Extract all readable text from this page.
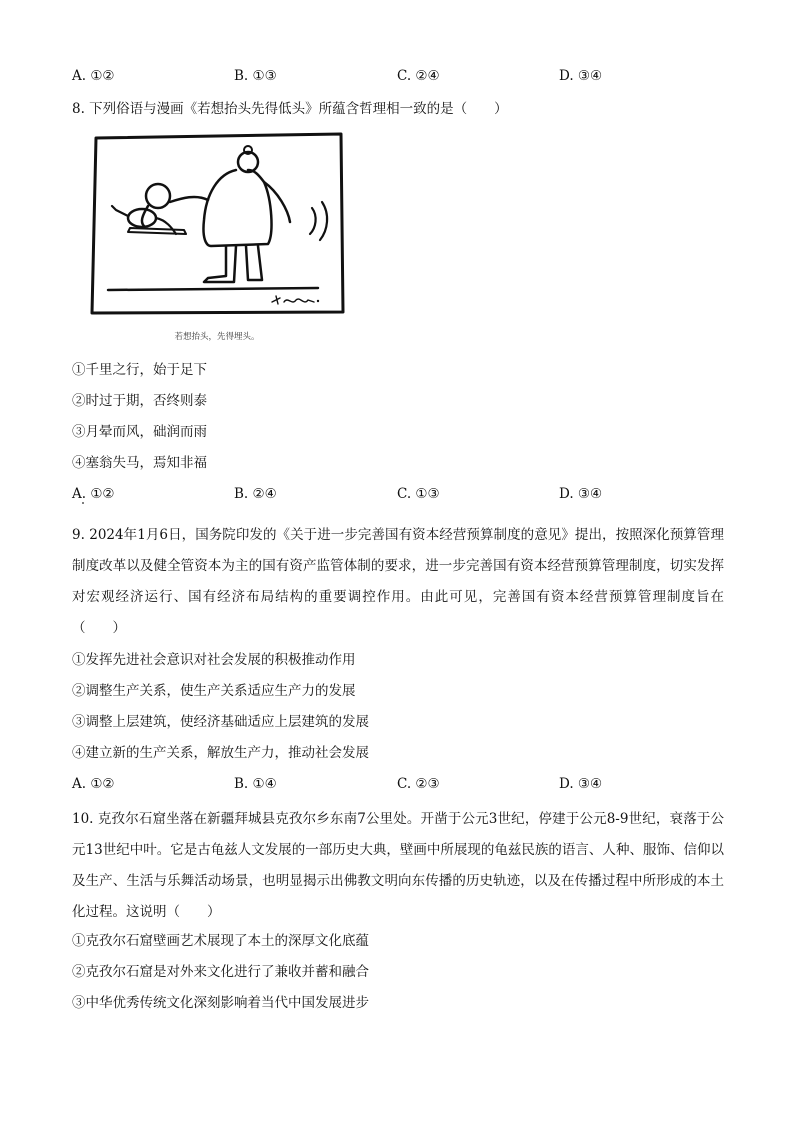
A. ①②	B. ①③	C. ②④	D. ③④
8. 下列俗语与漫画《若想抬头先得低头》所蕴含哲理相一致的是（　　）
若想抬头，先得埋头。
①千里之行，始于足下
②时过于期，否终则泰
③月晕而风，础润而雨
④塞翁失马，焉知非福
A. ①②	B. ②④	C. ①③	D. ③④
9. 2024年1月6日，国务院印发的《关于进一步完善国有资本经营预算制度的意见》提出，按照深化预算管理制度改革以及健全管资本为主的国有资产监管体制的要求，进一步完善国有资本经营预算管理制度，切实发挥对宏观经济运行、国有经济布局结构的重要调控作用。由此可见，完善国有资本经营预算管理制度旨在（　　）
①发挥先进社会意识对社会发展的积极推动作用
②调整生产关系，使生产关系适应生产力的发展
③调整上层建筑，使经济基础适应上层建筑的发展
④建立新的生产关系，解放生产力，推动社会发展
A. ①②	B. ①④	C. ②③	D. ③④
10. 克孜尔石窟坐落在新疆拜城县克孜尔乡东南7公里处。开凿于公元3世纪，停建于公元8-9世纪，衰落于公元13世纪中叶。它是古龟兹人文发展的一部历史大典，壁画中所展现的龟兹民族的语言、人种、服饰、信仰以及生产、生活与乐舞活动场景，也明显揭示出佛教文明向东传播的历史轨迹，以及在传播过程中所形成的本土化过程。这说明（　　）
①克孜尔石窟壁画艺术展现了本土的深厚文化底蕴
②克孜尔石窟是对外来文化进行了兼收并蓄和融合
③中华优秀传统文化深刻影响着当代中国发展进步
